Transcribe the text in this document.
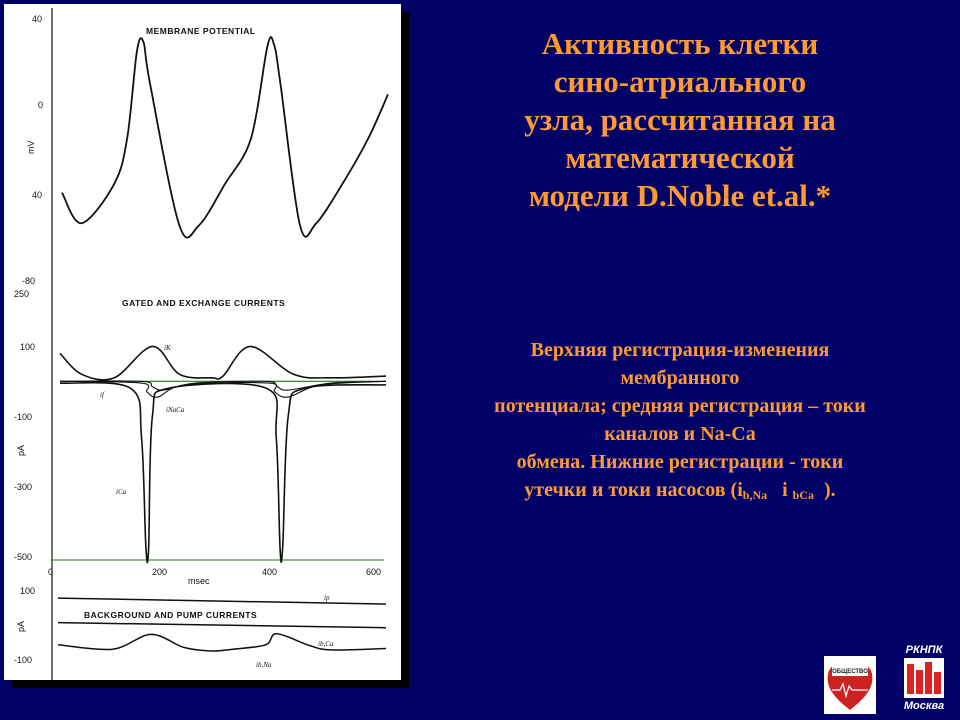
MEMBRANE POTENTIAL
40
0
40
-80
mV
GATED AND EXCHANGE CURRENTS
250
100
-100
-300
-500
pA
0	200	400	600
msec
iK
if
iNaCa
iCa
BACKGROUND AND PUMP CURRENTS
100
-100
pA
ip
ib,Ca
ib,Na
Активность клетки
сино-атриального
узла, рассчитанная на
математической
модели D.Noble et.al.*
Верхняя регистрация-изменения
мембранного
потенциала; средняя регистрация – токи
каналов и Na-Ca
обмена. Нижние регистрации - токи
утечки и токи насосов ($i_{b,Na}$   i $_{bCa}$  ).
ОБЩЕСТВО
РКНПК
Москва
